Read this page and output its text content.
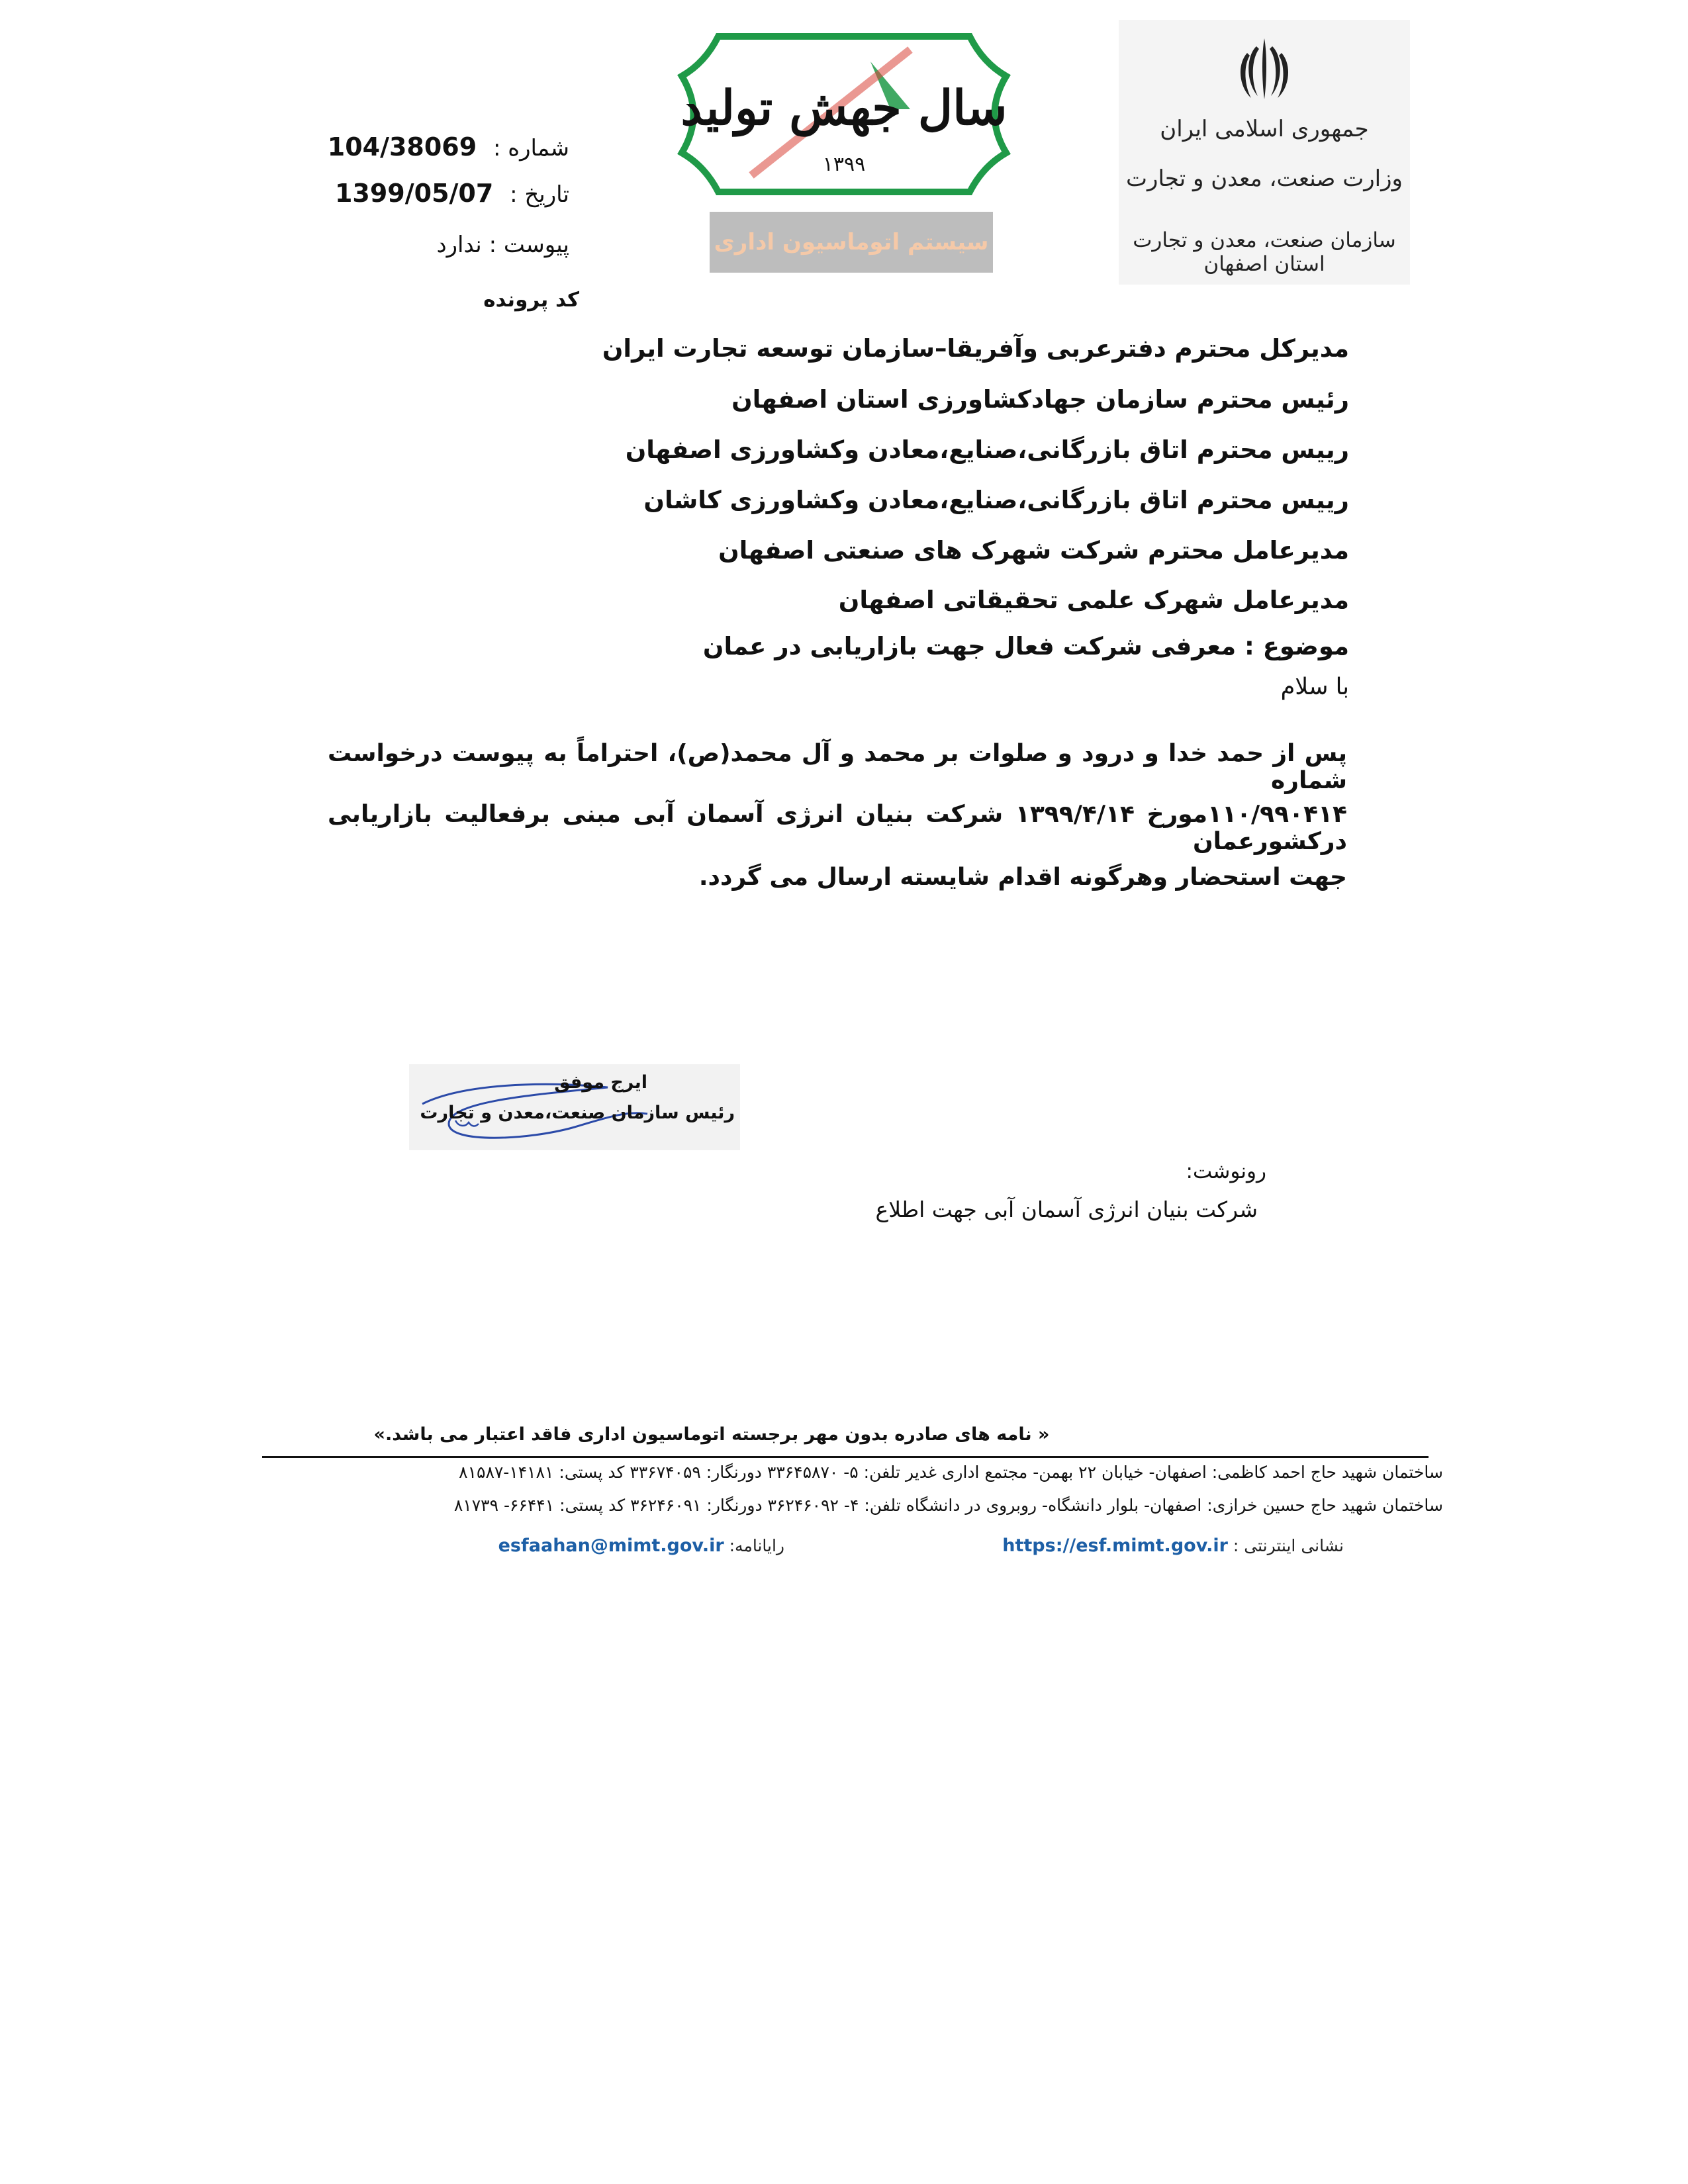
جمهوری اسلامی ایران
وزارت صنعت، معدن و تجارت
سازمان صنعت، معدن و تجارت استان اصفهان
سال جهش تولید
۱۳۹۹
سیستم اتوماسیون اداری
شماره : 104/38069
تاریخ : 1399/05/07
پیوست : ندارد
کد پرونده
مدیرکل محترم دفترعربی وآفریقا–سازمان توسعه تجارت ایران
رئیس محترم سازمان جهادکشاورزی استان اصفهان
رییس محترم اتاق بازرگانی،صنایع،معادن وکشاورزی اصفهان
رییس محترم اتاق بازرگانی،صنایع،معادن وکشاورزی کاشان
مدیرعامل محترم شرکت شهرک های صنعتی اصفهان
مدیرعامل شهرک علمی تحقیقاتی اصفهان
موضوع : معرفی شرکت فعال جهت بازاریابی در عمان
با سلام
پس از حمد خدا و درود و صلوات بر محمد و آل محمد(ص)، احتراماً به پیوست درخواست شماره
۱۱۰/۹۹۰۴۱۴مورخ ۱۳۹۹/۴/۱۴ شرکت بنیان انرژی آسمان آبی مبنی برفعالیت بازاریابی درکشورعمان
جهت استحضار وهرگونه اقدام شایسته ارسال می گردد.
ایرج موفق
رئیس سازمان صنعت،معدن و تجارت
رونوشت:
شرکت بنیان انرژی آسمان آبی جهت اطلاع
« نامه های صادره بدون مهر برجسته اتوماسیون اداری فاقد اعتبار می باشد.»
ساختمان شهید حاج احمد کاظمی: اصفهان- خیابان ۲۲ بهمن- مجتمع اداری غدیر تلفن: ۵- ۳۳۶۴۵۸۷۰ دورنگار: ۳۳۶۷۴۰۵۹ کد پستی: ۱۴۱۸۱-۸۱۵۸۷
ساختمان شهید حاج حسین خرازی: اصفهان- بلوار دانشگاه- روبروی در دانشگاه تلفن: ۴- ۳۶۲۴۶۰۹۲ دورنگار: ۳۶۲۴۶۰۹۱ کد پستی: ۶۶۴۴۱- ۸۱۷۳۹
نشانی اینترنتی : https://esf.mimt.gov.ir
رایانامه: esfaahan@mimt.gov.ir
